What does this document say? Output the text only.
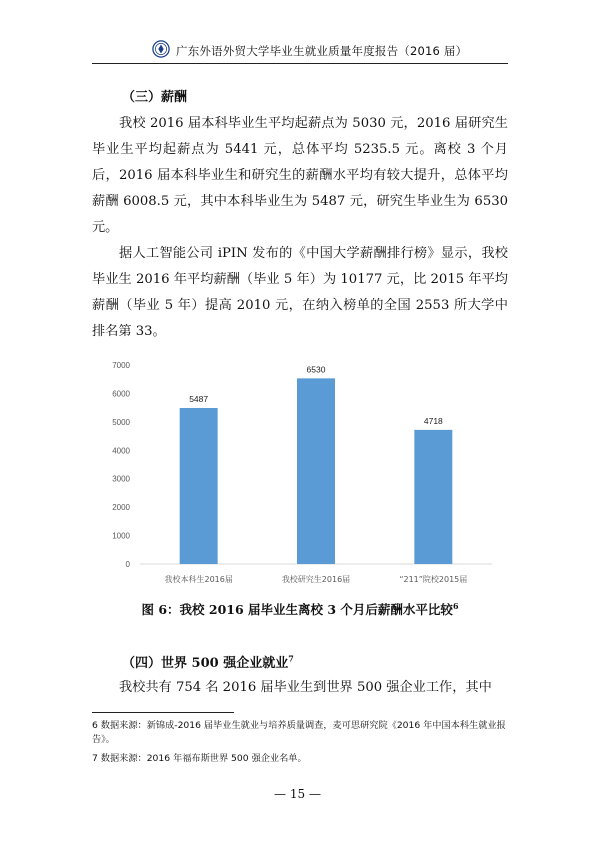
广东外语外贸大学毕业生就业质量年度报告（2016 届）
（三）薪酬

我校 2016 届本科毕业生平均起薪点为 5030 元，2016 届研究生毕业生平均起薪点为 5441 元，总体平均 5235.5 元。离校 3 个月后，2016 届本科毕业生和研究生的薪酬水平均有较大提升，总体平均薪酬 6008.5 元，其中本科毕业生为 5487 元，研究生毕业生为 6530 元。

据人工智能公司 iPIN 发布的《中国大学薪酬排行榜》显示，我校毕业生 2016 年平均薪酬（毕业 5 年）为 10177 元，比 2015 年平均薪酬（毕业 5 年）提高 2010 元，在纳入榜单的全国 2553 所大学中排名第 33。

0
1000
2000
3000
4000
5000
6000
7000
5487
我校本科生2016届
6530
我校研究生2016届
4718
“211”院校2015届
图 6：我校 2016 届毕业生离校 3 个月后薪酬水平比较$^6$
（四）世界 500 强企业就业$^7$

我校共有 754 名 2016 届毕业生到世界 500 强企业工作，其中

6 数据来源：新锦成-2016 届毕业生就业与培养质量调查，麦可思研究院《2016 年中国本科生就业报告》。
7 数据来源：2016 年福布斯世界 500 强企业名单。
— 15 —
